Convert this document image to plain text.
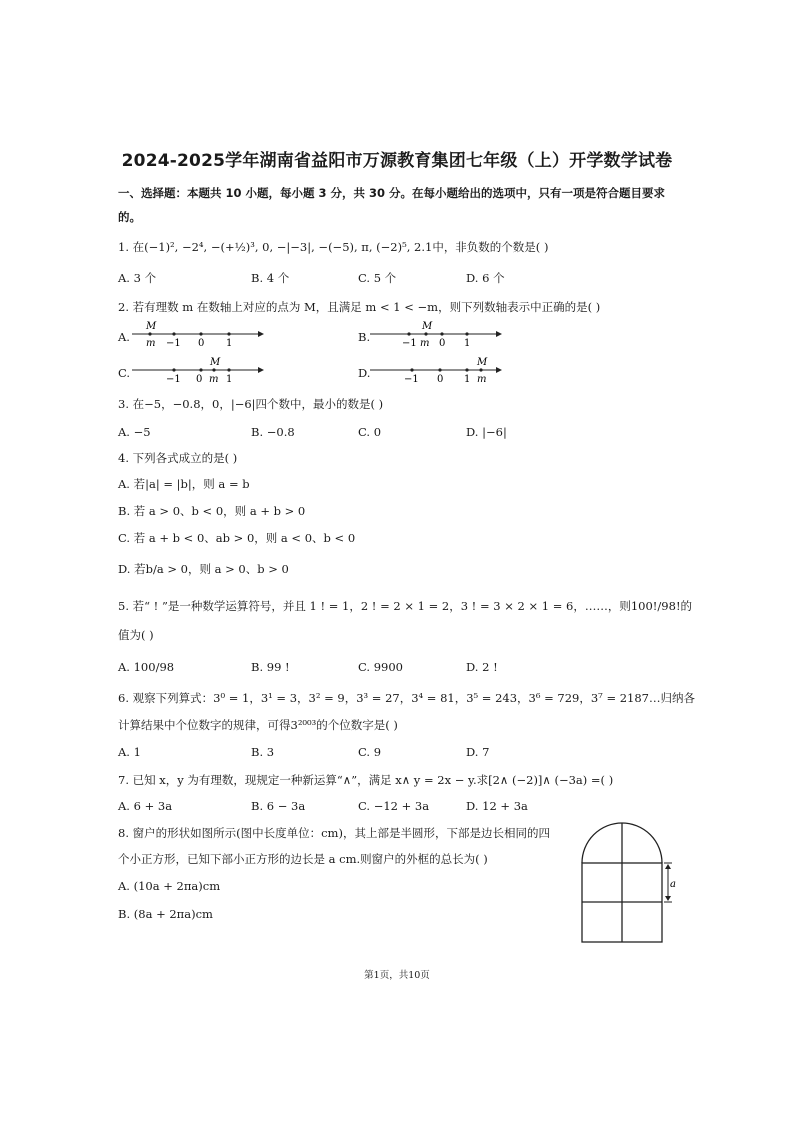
2024-2025学年湖南省益阳市万源教育集团七年级（上）开学数学试卷
一、选择题：本题共 10 小题，每小题 3 分，共 30 分。在每小题给出的选项中，只有一项是符合题目要求
的。
1. 在(−1)², −2⁴, −(+½)³, 0, −|−3|, −(−5), π, (−2)⁵, 2.1中，非负数的个数是( )
A. 3 个	B. 4 个	C. 5 个	D. 6 个
2. 若有理数 m 在数轴上对应的点为 M，且满足 m < 1 < −m，则下列数轴表示中正确的是( )
A.
M
m −1 0 1	B.
M
−1 m 0 1
C.
M
−1 0 m 1	D.
M
−1 0 1 m
3. 在−5，−0.8，0，|−6|四个数中，最小的数是( )
A. −5	B. −0.8	C. 0	D. |−6|
4. 下列各式成立的是( )
A. 若|a| = |b|，则 a = b
B. 若 a > 0、b < 0，则 a + b > 0
C. 若 a + b < 0、ab > 0，则 a < 0、b < 0
D. 若b/a > 0，则 a > 0、b > 0
5. 若“ ! ”是一种数学运算符号，并且 1 ! = 1，2 ! = 2 × 1 = 2，3 ! = 3 × 2 × 1 = 6，……，则100!/98!的
值为( )
A. 100/98	B. 99 !	C. 9900	D. 2 !
6. 观察下列算式：3⁰ = 1，3¹ = 3，3² = 9，3³ = 27，3⁴ = 81，3⁵ = 243，3⁶ = 729，3⁷ = 2187…归纳各
计算结果中个位数字的规律，可得3²⁰⁰³的个位数字是( )
A. 1	B. 3	C. 9	D. 7
7. 已知 x，y 为有理数，现规定一种新运算“∧”，满足 x∧ y = 2x − y.求[2∧ (−2)]∧ (−3a) =( )
A. 6 + 3a	B. 6 − 3a	C. −12 + 3a	D. 12 + 3a
8. 窗户的形状如图所示(图中长度单位：cm)，其上部是半圆形，下部是边长相同的四
个小正方形，已知下部小正方形的边长是 a cm.则窗户的外框的总长为( )
A. (10a + 2πa)cm
B. (8a + 2πa)cm
a
第1页，共10页
